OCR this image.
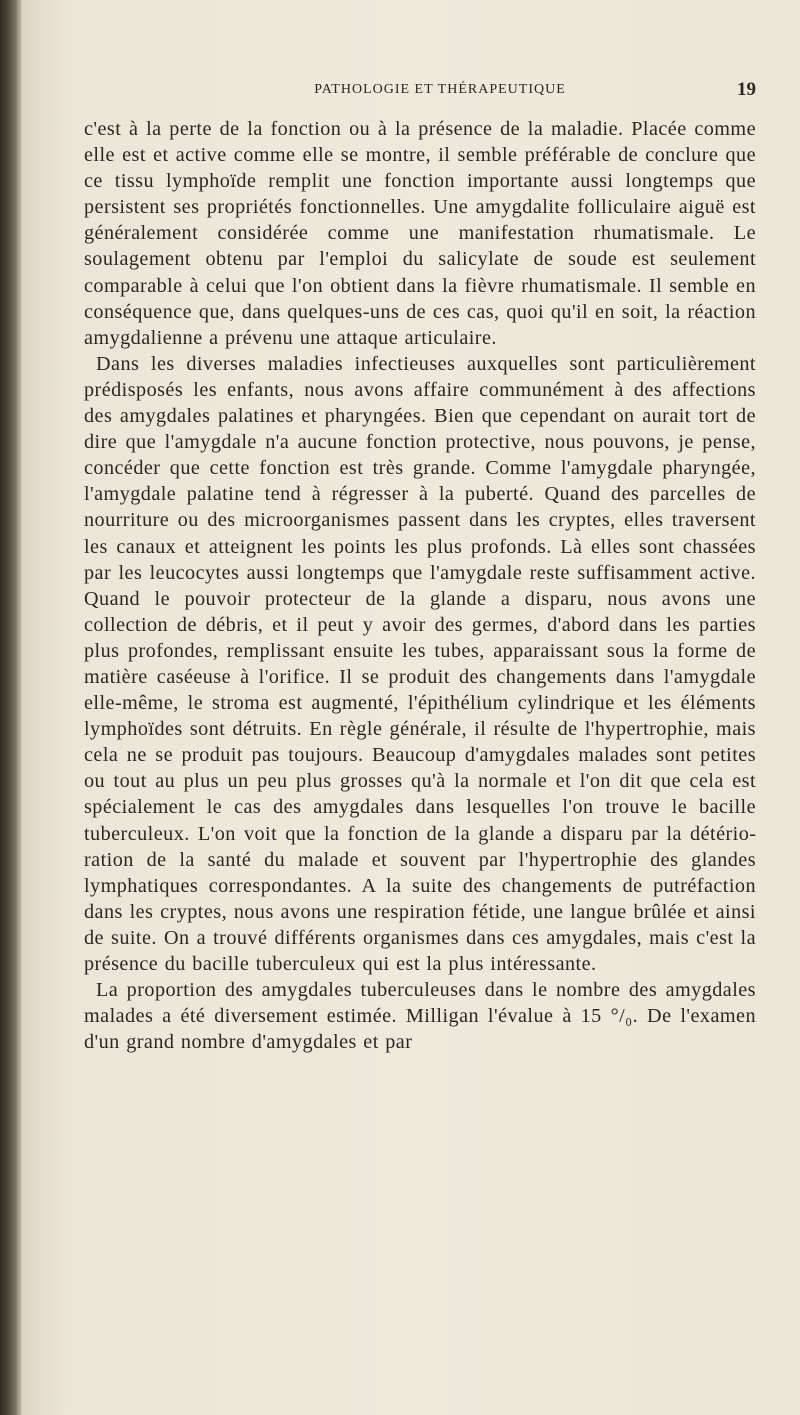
PATHOLOGIE ET THÉRAPEUTIQUE	19

c'est à la perte de la fonction ou à la présence de la maladie. Placée comme elle est et active comme elle se montre, il semble préférable de conclure que ce tissu lymphoïde remplit une fonction importante aussi longtemps que persistent ses propriétés fonctionnelles. Une amygdalite folliculaire aiguë est généralement considérée comme une manifestation rhumatismale. Le soulagement obtenu par l'emploi du salicylate de soude est seulement comparable à celui que l'on obtient dans la fièvre rhumatismale. Il semble en conséquence que, dans quelques-uns de ces cas, quoi qu'il en soit, la réaction amygdalienne a prévenu une attaque articulaire.

Dans les diverses maladies infectieuses auxquelles sont particulièrement prédisposés les enfants, nous avons affaire communément à des affections des amygdales palatines et pharyngées. Bien que cependant on aurait tort de dire que l'amygdale n'a aucune fonction protective, nous pouvons, je pense, concéder que cette fonction est très grande. Comme l'amygdale pharyngée, l'amygdale palatine tend à régresser à la puberté. Quand des parcelles de nourriture ou des microorganismes passent dans les cryptes, elles traversent les canaux et atteignent les points les plus profonds. Là elles sont chassées par les leucocytes aussi longtemps que l'amygdale reste suffisamment active. Quand le pouvoir protecteur de la glande a disparu, nous avons une collection de débris, et il peut y avoir des germes, d'abord dans les parties plus profondes, remplissant ensuite les tubes, apparaissant sous la forme de matière caséeuse à l'orifice. Il se produit des changements dans l'amygdale elle-même, le stroma est augmenté, l'épithélium cylindrique et les éléments lymphoïdes sont détruits. En règle générale, il résulte de l'hypertrophie, mais cela ne se produit pas toujours. Beaucoup d'amygdales malades sont petites ou tout au plus un peu plus grosses qu'à la normale et l'on dit que cela est spécialement le cas des amygdales dans lesquelles l'on trouve le bacille tuberculeux. L'on voit que la fonction de la glande a disparu par la détérioration de la santé du malade et souvent par l'hypertrophie des glandes lymphatiques correspondantes. A la suite des changements de putréfaction dans les cryptes, nous avons une respiration fétide, une langue brûlée et ainsi de suite. On a trouvé différents organismes dans ces amygdales, mais c'est la présence du bacille tuberculeux qui est la plus intéressante.

La proportion des amygdales tuberculeuses dans le nombre des amygdales malades a été diversement estimée. Milligan l'évalue à 15 °/₀. De l'examen d'un grand nombre d'amygdales et par
